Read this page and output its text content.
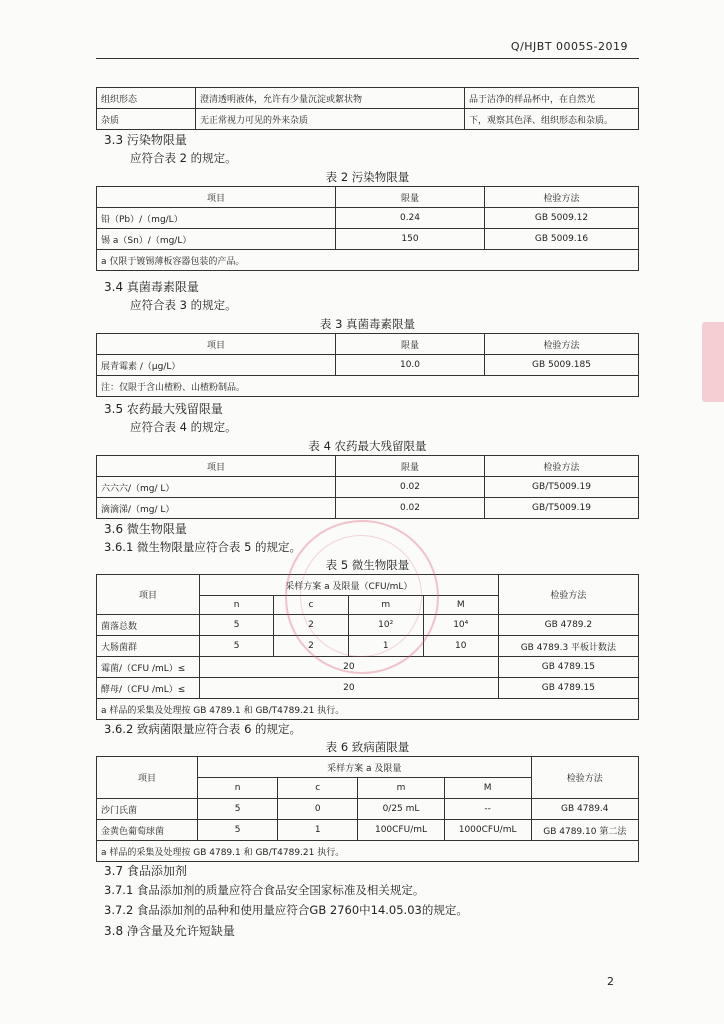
Q/HJBT 0005S-2019
组织形态	澄清透明液体，允许有少量沉淀或絮状物	品于洁净的样品杯中，在自然光
杂质	无正常视力可见的外来杂质	下，观察其色泽、组织形态和杂质。
3.3 污染物限量
应符合表 2 的规定。
表 2 污染物限量
项目	限量	检验方法
铅（Pb）/（mg/L）	0.24	GB 5009.12
锡 a（Sn）/（mg/L）	150	GB 5009.16
a 仅限于镀锡薄板容器包装的产品。		
3.4 真菌毒素限量
应符合表 3 的规定。
表 3 真菌毒素限量
项目	限量	检验方法
展青霉素 /（μg/L）	10.0	GB 5009.185
注：仅限于含山楂粉、山楂粉制品。		
3.5 农药最大残留限量
应符合表 4 的规定。
表 4 农药最大残留限量
项目	限量	检验方法
六六六/（mg/ L）	0.02	GB/T5009.19
滴滴涕/（mg/ L）	0.02	GB/T5009.19
3.6 微生物限量
3.6.1 微生物限量应符合表 5 的规定。
表 5 微生物限量
项目	采样方案 a 及限量（CFU/mL）				检验方法
	n	c	m	M	
菌落总数	5	2	10²	10⁴	GB 4789.2
大肠菌群	5	2	1	10	GB 4789.3 平板计数法
霉菌/（CFU /mL）≤	20				GB 4789.15
酵母/（CFU /mL）≤	20				GB 4789.15
a 样品的采集及处理按 GB 4789.1 和 GB/T4789.21 执行。					
3.6.2 致病菌限量应符合表 6 的规定。
表 6 致病菌限量
项目	采样方案 a 及限量				检验方法
	n	c	m	M	
沙门氏菌	5	0	0/25 mL	--	GB 4789.4
金黄色葡萄球菌	5	1	100CFU/mL	1000CFU/mL	GB 4789.10 第二法
a 样品的采集及处理按 GB 4789.1 和 GB/T4789.21 执行。					
3.7 食品添加剂
3.7.1 食品添加剂的质量应符合食品安全国家标准及相关规定。
3.7.2 食品添加剂的品种和使用量应符合GB 2760中14.05.03的规定。
3.8 净含量及允许短缺量
2
